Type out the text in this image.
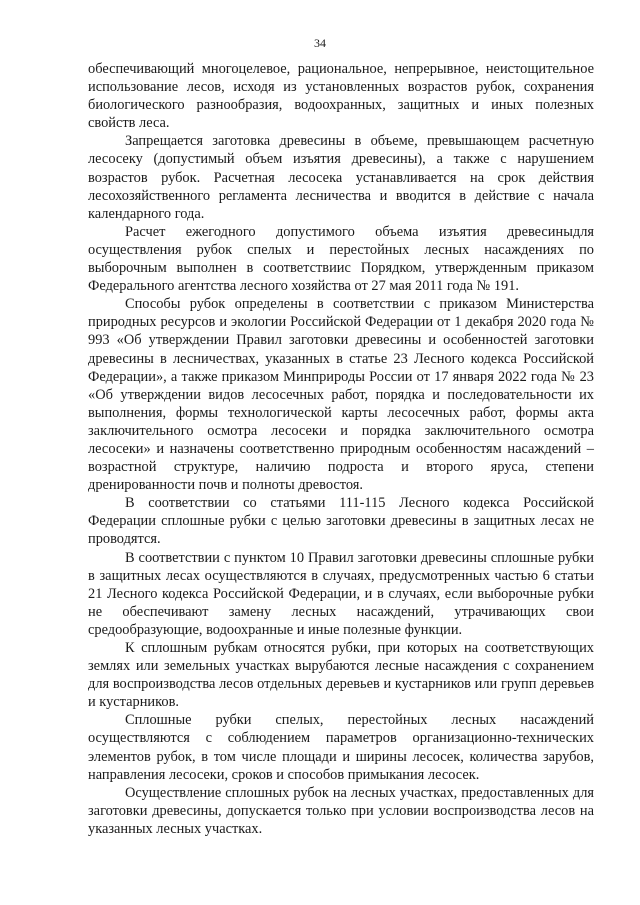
34

обеспечивающий многоцелевое, рациональное, непрерывное, неистощительное использование лесов, исходя из установленных возрастов рубок, сохранения биологического разнообразия, водоохранных, защитных и иных полезных свойств леса.

Запрещается заготовка древесины в объеме, превышающем расчетную лесосеку (допустимый объем изъятия древесины), а также с нарушением возрастов рубок. Расчетная лесосека устанавливается на срок действия лесохозяйственного регламента лесничества и вводится в действие с начала календарного года.

Расчет ежегодного допустимого объема изъятия древесиныдля осуществления рубок спелых и перестойных лесных насаждениях по выборочным выполнен в соответствиис Порядком, утвержденным приказом Федерального агентства лесного хозяйства от 27 мая 2011 года № 191.

Способы рубок определены в соответствии с приказом Министерства природных ресурсов и экологии Российской Федерации от 1 декабря 2020 года № 993 «Об утверждении Правил заготовки древесины и особенностей заготовки древесины в лесничествах, указанных в статье 23 Лесного кодекса Российской Федерации», а также приказом Минприроды России от 17 января 2022 года № 23 «Об утверждении видов лесосечных работ, порядка и последовательности их выполнения, формы технологической карты лесосечных работ, формы акта заключительного осмотра лесосеки и порядка заключительного осмотра лесосеки» и назначены соответственно природным особенностям насаждений – возрастной структуре, наличию подроста и второго яруса, степени дренированности почв и полноты древостоя.

В соответствии со статьями 111-115 Лесного кодекса Российской Федерации сплошные рубки с целью заготовки древесины в защитных лесах не проводятся.

В соответствии с пунктом 10 Правил заготовки древесины сплошные рубки в защитных лесах осуществляются в случаях, предусмотренных частью 6 статьи 21 Лесного кодекса Российской Федерации, и в случаях, если выборочные рубки не обеспечивают замену лесных насаждений, утрачивающих свои средообразующие, водоохранные и иные полезные функции.

К сплошным рубкам относятся рубки, при которых на соответствующих землях или земельных участках вырубаются лесные насаждения с сохранением для воспроизводства лесов отдельных деревьев и кустарников или групп деревьев и кустарников.

Сплошные рубки спелых, перестойных лесных насаждений осуществляются с соблюдением параметров организационно-технических элементов рубок, в том числе площади и ширины лесосек, количества зарубов, направления лесосеки, сроков и способов примыкания лесосек.

Осуществление сплошных рубок на лесных участках, предоставленных для заготовки древесины, допускается только при условии воспроизводства лесов на указанных лесных участках.
